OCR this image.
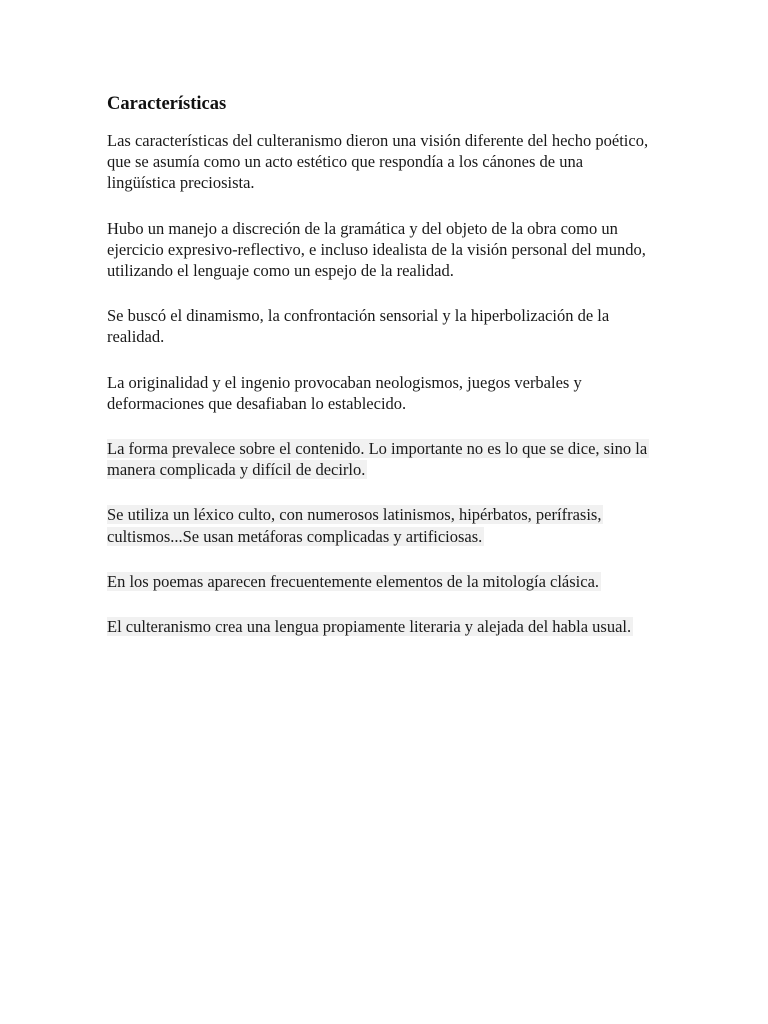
Características

Las características del culteranismo dieron una visión diferente del hecho poético, que se asumía como un acto estético que respondía a los cánones de una lingüística preciosista.

Hubo un manejo a discreción de la gramática y del objeto de la obra como un ejercicio expresivo-reflectivo, e incluso idealista de la visión personal del mundo, utilizando el lenguaje como un espejo de la realidad.

Se buscó el dinamismo, la confrontación sensorial y la hiperbolización de la realidad.

La originalidad y el ingenio provocaban neologismos, juegos verbales y deformaciones que desafiaban lo establecido.

La forma prevalece sobre el contenido. Lo importante no es lo que se dice, sino la manera complicada y difícil de decirlo.

Se utiliza un léxico culto, con numerosos latinismos, hipérbatos, perífrasis, cultismos...Se usan metáforas complicadas y artificiosas.

En los poemas aparecen frecuentemente elementos de la mitología clásica.

El culteranismo crea una lengua propiamente literaria y alejada del habla usual.
